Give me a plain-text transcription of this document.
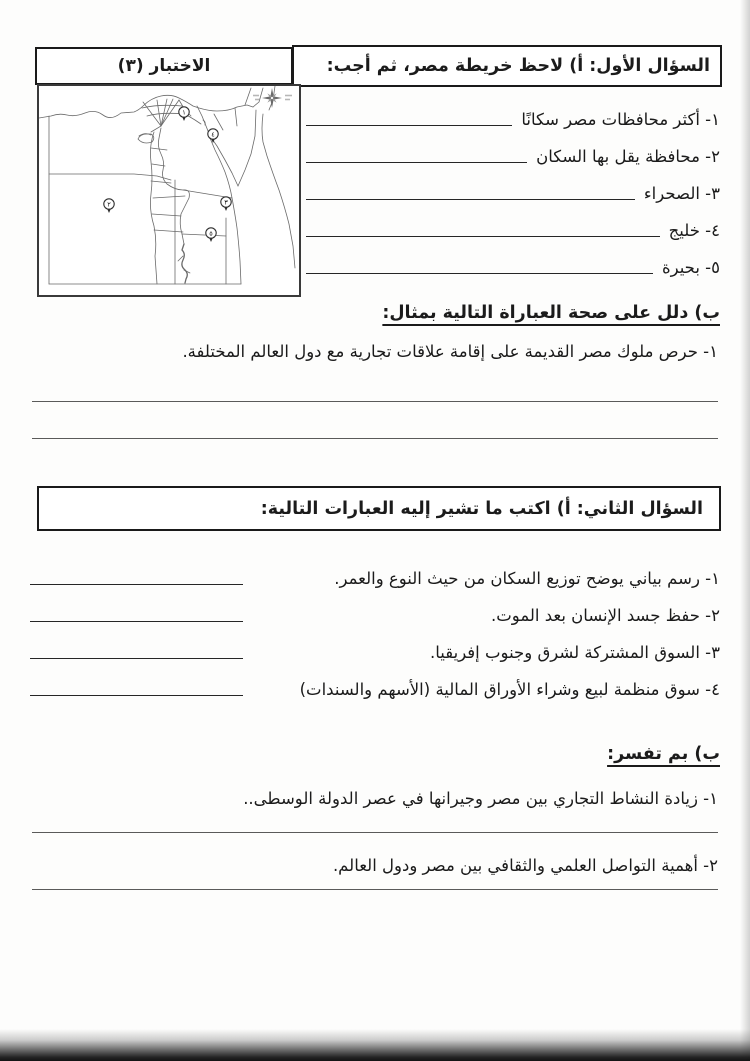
السؤال الأول: أ) لاحظ خريطة مصر، ثم أجب:
الاختبار (٣)
١
٢	٣
٤
٥
١- أكثر محافظات مصر سكانًا
٢- محافظة يقل بها السكان
٣- الصحراء
٤- خليج
٥- بحيرة
ب) دلل على صحة العباراة التالية بمثال:
١- حرص ملوك مصر القديمة على إقامة علاقات تجارية مع دول العالم المختلفة.
السؤال الثاني: أ) اكتب ما تشير إليه العبارات التالية:
١- رسم بياني يوضح توزيع السكان من حيث النوع والعمر.
٢- حفظ جسد الإنسان بعد الموت.
٣- السوق المشتركة لشرق وجنوب إفريقيا.
٤- سوق منظمة لبيع وشراء الأوراق المالية (الأسهم والسندات)
ب) بم تفسر:
١- زيادة النشاط التجاري بين مصر وجيرانها في عصر الدولة الوسطى..
٢- أهمية التواصل العلمي والثقافي بين مصر ودول العالم.
